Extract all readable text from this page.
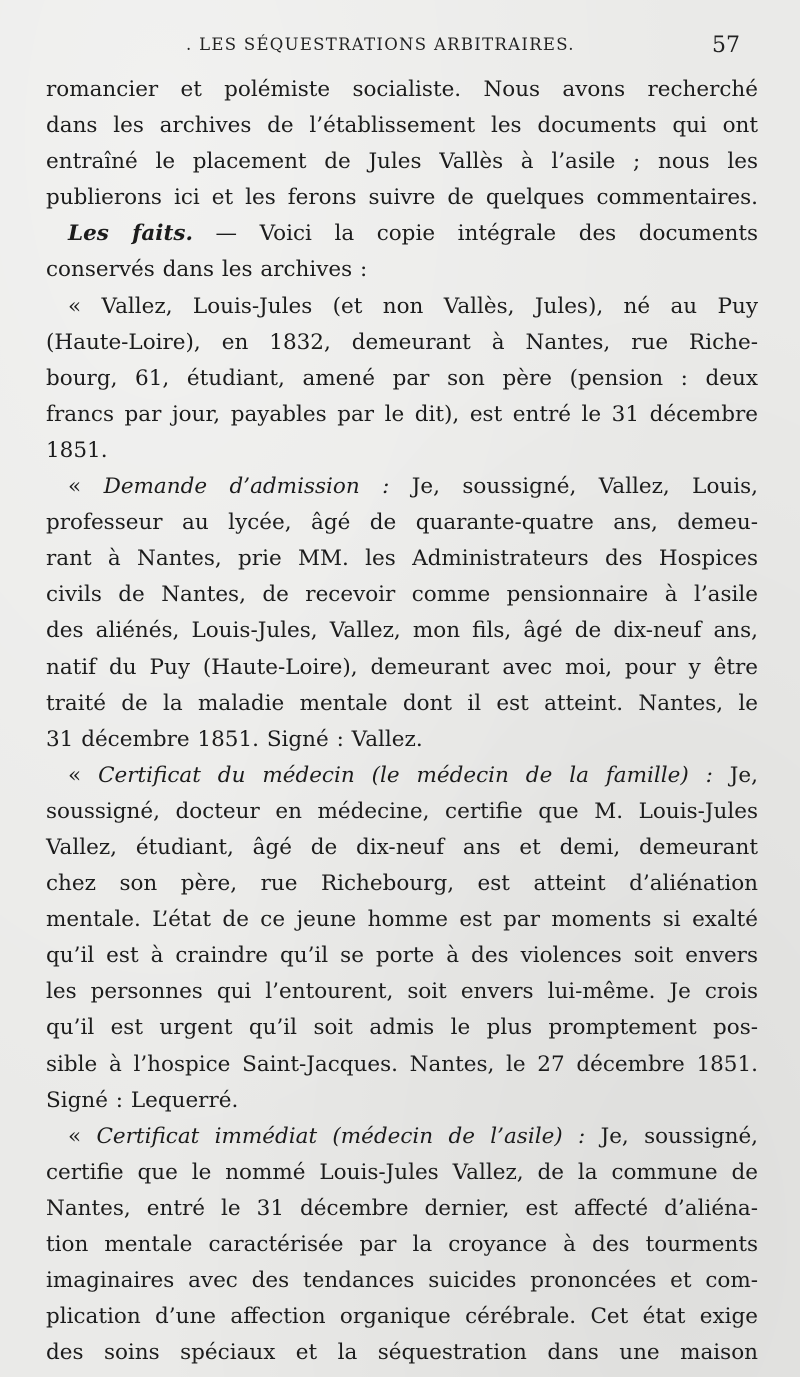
. LES SÉQUESTRATIONS ARBITRAIRES.	57
romancier et polémiste socialiste. Nous avons recherché
dans les archives de l’établissement les documents qui ont
entraîné le placement de Jules Vallès à l’asile ; nous les
publierons ici et les ferons suivre de quelques commentaires.
Les faits. — Voici la copie intégrale des documents
conservés dans les archives :
« Vallez, Louis-Jules (et non Vallès, Jules), né au Puy
(Haute-Loire), en 1832, demeurant à Nantes, rue Riche-
bourg, 61, étudiant, amené par son père (pension : deux
francs par jour, payables par le dit), est entré le 31 décembre
1851.
« Demande d’admission : Je, soussigné, Vallez, Louis,
professeur au lycée, âgé de quarante-quatre ans, demeu-
rant à Nantes, prie MM. les Administrateurs des Hospices
civils de Nantes, de recevoir comme pensionnaire à l’asile
des aliénés, Louis-Jules, Vallez, mon fils, âgé de dix-neuf ans,
natif du Puy (Haute-Loire), demeurant avec moi, pour y être
traité de la maladie mentale dont il est atteint. Nantes, le
31 décembre 1851. Signé : Vallez.
« Certificat du médecin (le médecin de la famille) : Je,
soussigné, docteur en médecine, certifie que M. Louis-Jules
Vallez, étudiant, âgé de dix-neuf ans et demi, demeurant
chez son père, rue Richebourg, est atteint d’aliénation
mentale. L’état de ce jeune homme est par moments si exalté
qu’il est à craindre qu’il se porte à des violences soit envers
les personnes qui l’entourent, soit envers lui-même. Je crois
qu’il est urgent qu’il soit admis le plus promptement pos-
sible à l’hospice Saint-Jacques. Nantes, le 27 décembre 1851.
Signé : Lequerré.
« Certificat immédiat (médecin de l’asile) : Je, soussigné,
certifie que le nommé Louis-Jules Vallez, de la commune de
Nantes, entré le 31 décembre dernier, est affecté d’aliéna-
tion mentale caractérisée par la croyance à des tourments
imaginaires avec des tendances suicides prononcées et com-
plication d’une affection organique cérébrale. Cet état exige
des soins spéciaux et la séquestration dans une maison
